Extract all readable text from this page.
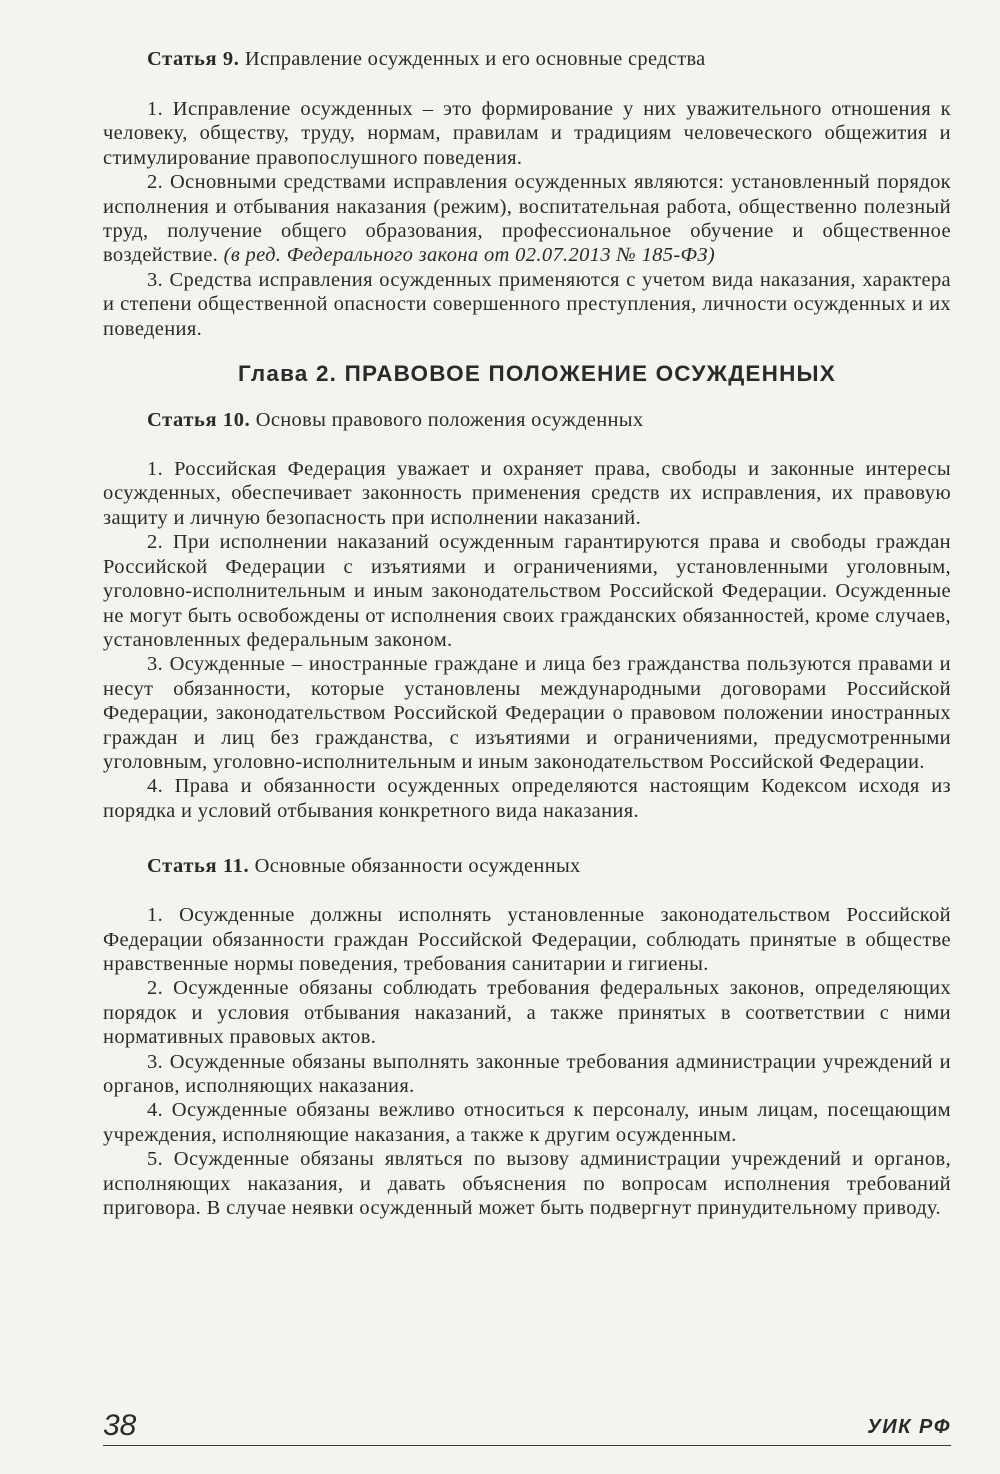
Статья 9. Исправление осужденных и его основные средства

1. Исправление осужденных – это формирование у них уважительного отношения к человеку, обществу, труду, нормам, правилам и традициям человеческого общежития и стимулирование правопослушного поведения.

2. Основными средствами исправления осужденных являются: установленный порядок исполнения и отбывания наказания (режим), воспитательная работа, общественно полезный труд, получение общего образования, профессиональное обучение и общественное воздействие. (в ред. Федерального закона от 02.07.2013 № 185-ФЗ)

3. Средства исправления осужденных применяются с учетом вида наказания, характера и степени общественной опасности совершенного преступления, личности осужденных и их поведения.

Глава 2. ПРАВОВОЕ ПОЛОЖЕНИЕ ОСУЖДЕННЫХ
Статья 10. Основы правового положения осужденных

1. Российская Федерация уважает и охраняет права, свободы и законные интересы осужденных, обеспечивает законность применения средств их исправления, их правовую защиту и личную безопасность при исполнении наказаний.

2. При исполнении наказаний осужденным гарантируются права и свободы граждан Российской Федерации с изъятиями и ограничениями, установленными уголовным, уголовно-исполнительным и иным законодательством Российской Федерации. Осужденные не могут быть освобождены от исполнения своих гражданских обязанностей, кроме случаев, установленных федеральным законом.

3. Осужденные – иностранные граждане и лица без гражданства пользуются правами и несут обязанности, которые установлены международными договорами Российской Федерации, законодательством Российской Федерации о правовом положении иностранных граждан и лиц без гражданства, с изъятиями и ограничениями, предусмотренными уголовным, уголовно-исполнительным и иным законодательством Российской Федерации.

4. Права и обязанности осужденных определяются настоящим Кодексом исходя из порядка и условий отбывания конкретного вида наказания.

Статья 11. Основные обязанности осужденных

1. Осужденные должны исполнять установленные законодательством Российской Федерации обязанности граждан Российской Федерации, соблюдать принятые в обществе нравственные нормы поведения, требования санитарии и гигиены.

2. Осужденные обязаны соблюдать требования федеральных законов, определяющих порядок и условия отбывания наказаний, а также принятых в соответствии с ними нормативных правовых актов.

3. Осужденные обязаны выполнять законные требования администрации учреждений и органов, исполняющих наказания.

4. Осужденные обязаны вежливо относиться к персоналу, иным лицам, посещающим учреждения, исполняющие наказания, а также к другим осужденным.

5. Осужденные обязаны являться по вызову администрации учреждений и органов, исполняющих наказания, и давать объяснения по вопросам исполнения требований приговора. В случае неявки осужденный может быть подвергнут принудительному приводу.

38	УИК РФ
